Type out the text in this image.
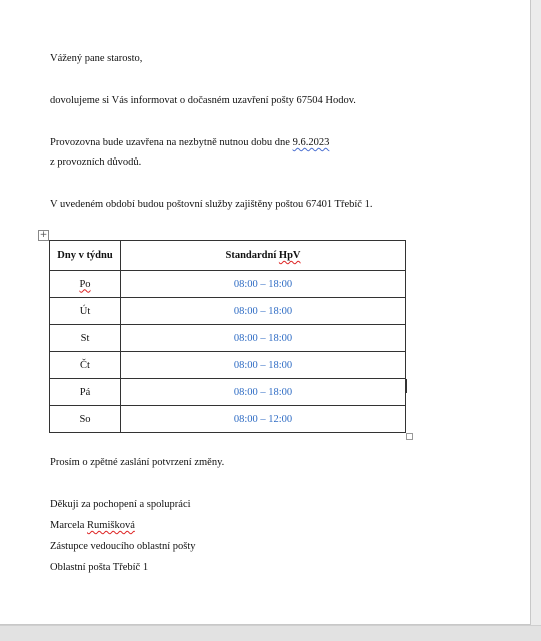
Vážený pane starosto,
dovolujeme si Vás informovat o dočasném uzavření pošty 67504 Hodov.
Provozovna bude uzavřena na nezbytně nutnou dobu dne 9.6.2023
z provozních důvodů.
V uvedeném období budou poštovní služby zajištěny poštou 67401 Třebíč 1.
+
Dny v týdnu	Standardní HpV
Po	08:00 – 18:00
Út	08:00 – 18:00
St	08:00 – 18:00
Čt	08:00 – 18:00
Pá	08:00 – 18:00
So	08:00 – 12:00
Prosím o zpětné zaslání potvrzení změny.
Děkuji za pochopení a spolupráci
Marcela Rumišková
Zástupce vedoucího oblastní pošty
Oblastní pošta Třebíč 1
